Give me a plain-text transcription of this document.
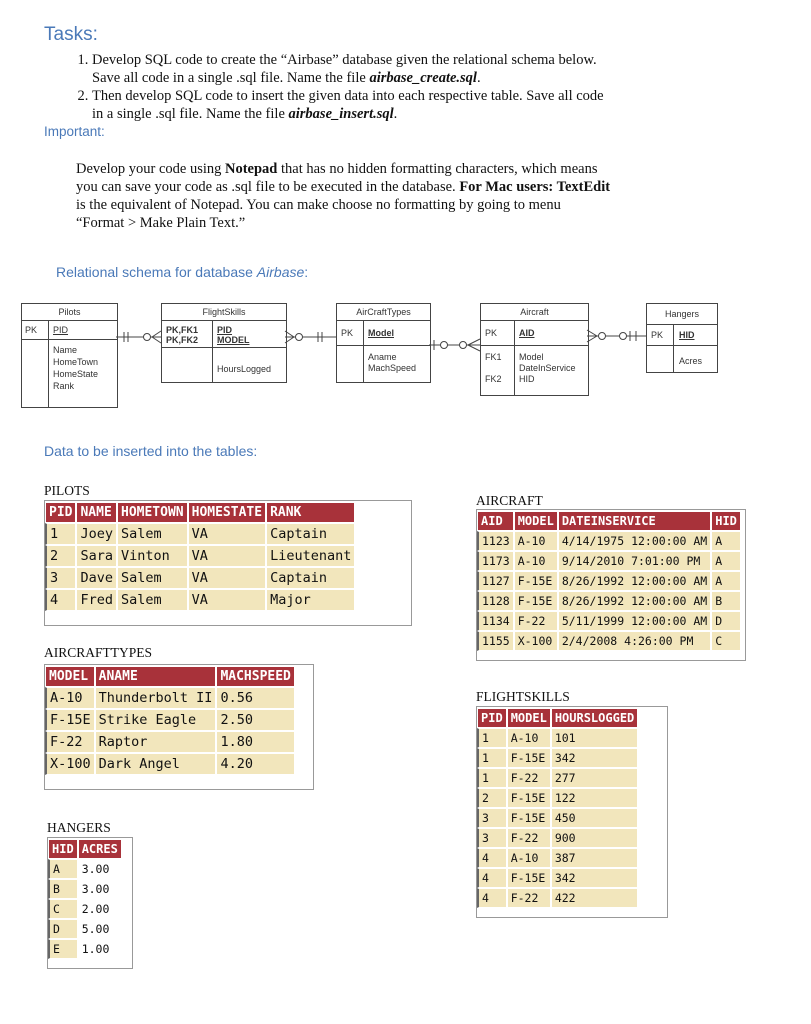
Tasks:
1. Develop SQL code to create the “Airbase” database given the relational schema below.
Save all code in a single .sql file. Name the file airbase_create.sql.
2. Then develop SQL code to insert the given data into each respective table. Save all code
in a single .sql file. Name the file airbase_insert.sql.
Important:
Develop your code using Notepad that has no hidden formatting characters, which means
you can save your code as .sql file to be executed in the database. For Mac users: TextEdit
is the equivalent of Notepad. You can make choose no formatting by going to menu
“Format > Make Plain Text.”
Relational schema for database Airbase:
Pilots
PK PID
Name
HomeTown
HomeState
Rank
FlightSkills
PK,FK1
PK,FK2
PID
MODEL
HoursLogged
AirCraftTypes
PK Model
Aname
MachSpeed
Aircraft
PK AID
FK1
FK2
Model
DateInService
HID
Hangers
PK HID
Acres
Data to be inserted into the tables:
PILOTS
PID	NAME	HOMETOWN	HOMESTATE	RANK
1	Joey	Salem	VA	Captain
2	Sara	Vinton	VA	Lieutenant
3	Dave	Salem	VA	Captain
4	Fred	Salem	VA	Major
AIRCRAFT
AID	MODEL	DATEINSERVICE	HID
1123	A-10	4/14/1975 12:00:00 AM	A
1173	A-10	9/14/2010 7:01:00 PM	A
1127	F-15E	8/26/1992 12:00:00 AM	A
1128	F-15E	8/26/1992 12:00:00 AM	B
1134	F-22	5/11/1999 12:00:00 AM	D
1155	X-100	2/4/2008 4:26:00 PM	C
AIRCRAFTTYPES
MODEL	ANAME	MACHSPEED
A-10	Thunderbolt II	0.56
F-15E	Strike Eagle	2.50
F-22	Raptor	1.80
X-100	Dark Angel	4.20
FLIGHTSKILLS
PID	MODEL	HOURSLOGGED
1	A-10	101
1	F-15E	342
1	F-22	277
2	F-15E	122
3	F-15E	450
3	F-22	900
4	A-10	387
4	F-15E	342
4	F-22	422
HANGERS
HID	ACRES
A	3.00
B	3.00
C	2.00
D	5.00
E	1.00
